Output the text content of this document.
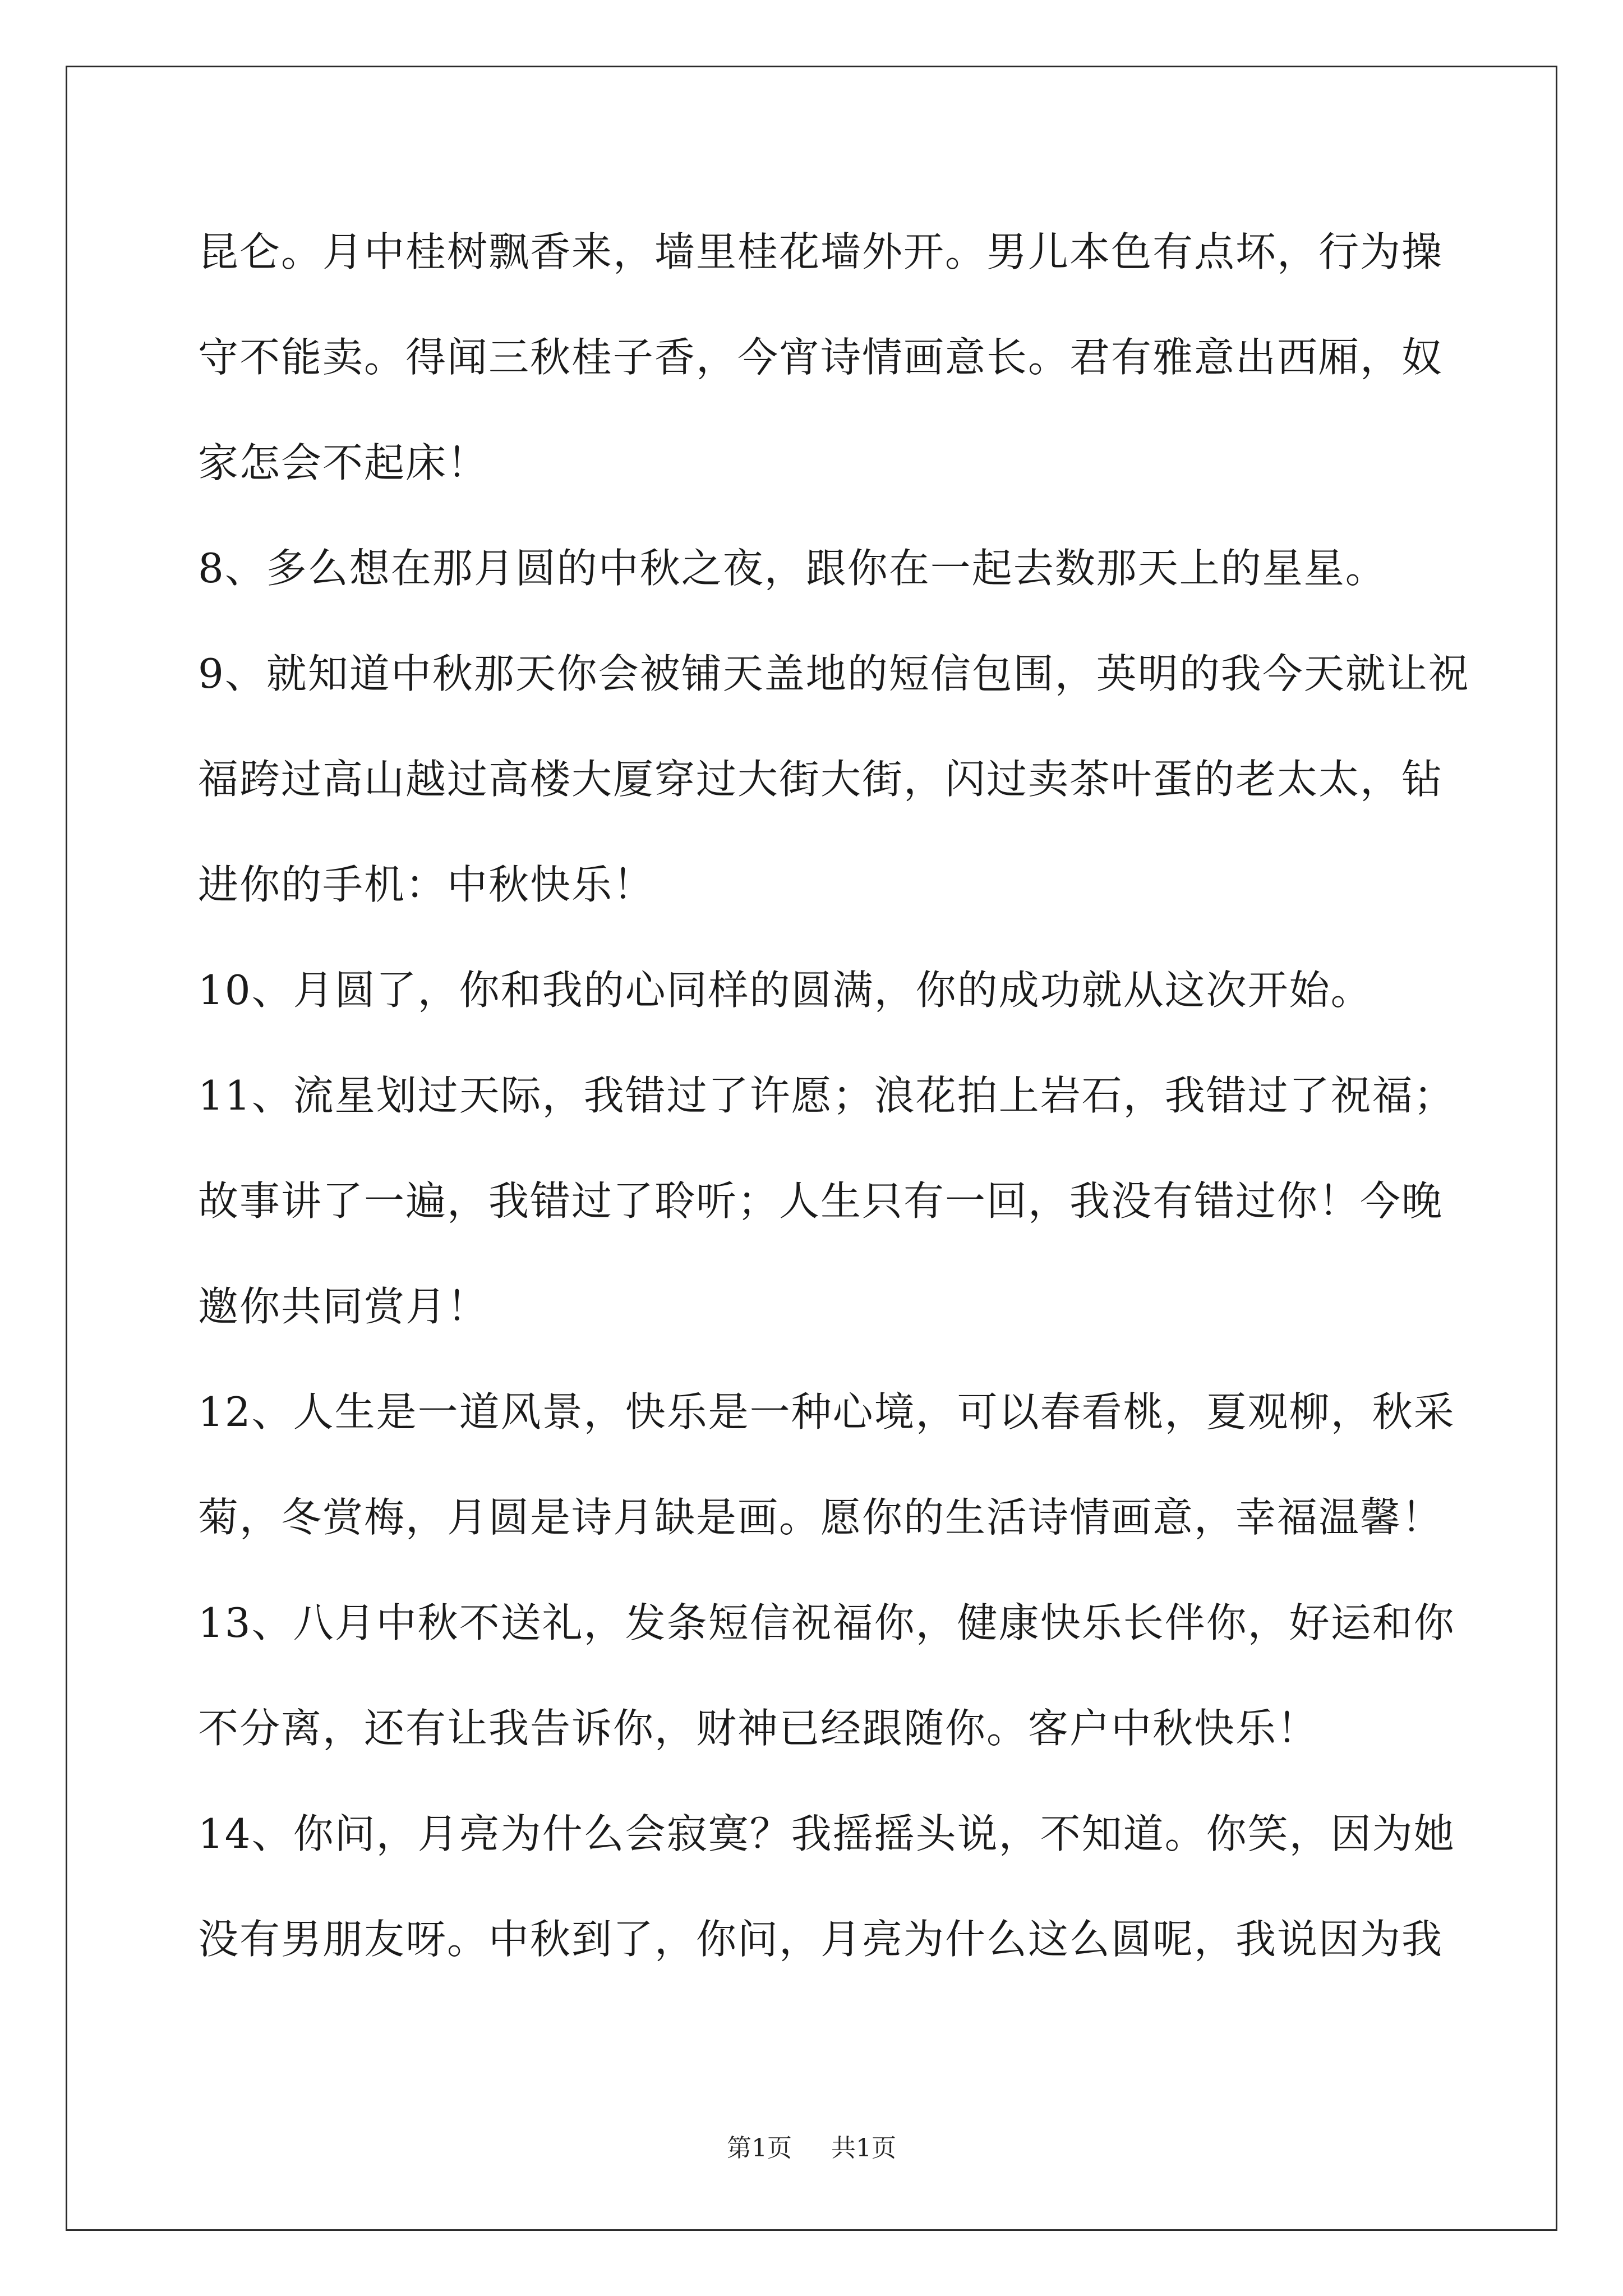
昆仑。月中桂树飘香来，墙里桂花墙外开。男儿本色有点坏，行为操
守不能卖。得闻三秋桂子香，今宵诗情画意长。君有雅意出西厢，奴
家怎会不起床！
8、多么想在那月圆的中秋之夜，跟你在一起去数那天上的星星。
9、就知道中秋那天你会被铺天盖地的短信包围，英明的我今天就让祝
福跨过高山越过高楼大厦穿过大街大街，闪过卖茶叶蛋的老太太，钻
进你的手机：中秋快乐！
10、月圆了，你和我的心同样的圆满，你的成功就从这次开始。
11、流星划过天际，我错过了许愿；浪花拍上岩石，我错过了祝福；
故事讲了一遍，我错过了聆听；人生只有一回，我没有错过你！今晚
邀你共同赏月！
12、人生是一道风景，快乐是一种心境，可以春看桃，夏观柳，秋采
菊，冬赏梅，月圆是诗月缺是画。愿你的生活诗情画意，幸福温馨！
13、八月中秋不送礼，发条短信祝福你，健康快乐长伴你，好运和你
不分离，还有让我告诉你，财神已经跟随你。客户中秋快乐！
14、你问，月亮为什么会寂寞？我摇摇头说，不知道。你笑，因为她
没有男朋友呀。中秋到了，你问，月亮为什么这么圆呢，我说因为我
第1页 共1页
